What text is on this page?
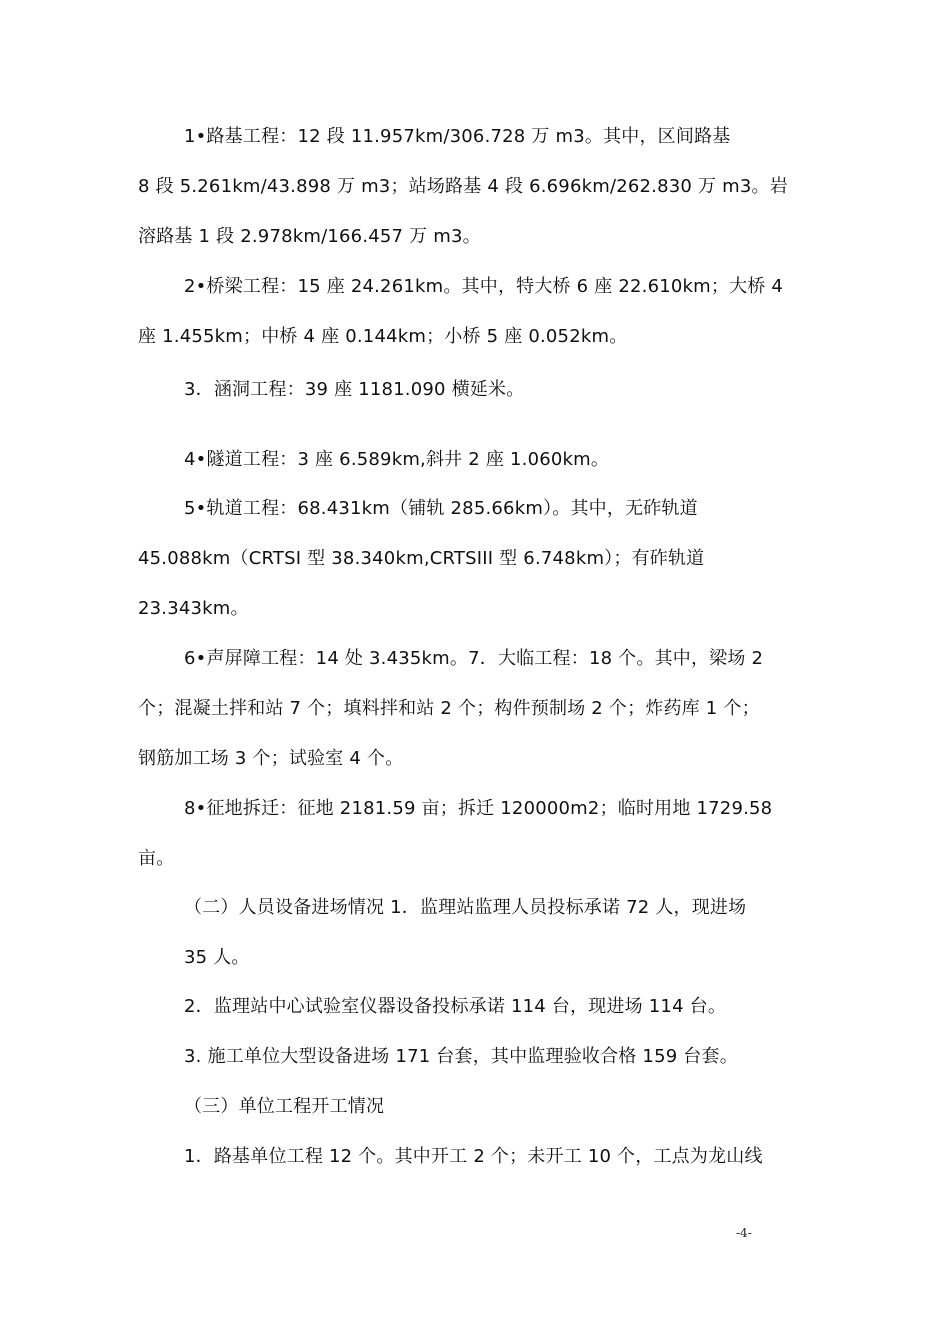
1•路基工程：12 段 11.957km/306.728 万 m3。其中，区间路基
8 段 5.261km/43.898 万 m3；站场路基 4 段 6.696km/262.830 万 m3。岩
溶路基 1 段 2.978km/166.457 万 m3。
2•桥梁工程：15 座 24.261km。其中，特大桥 6 座 22.610km；大桥 4
座 1.455km；中桥 4 座 0.144km；小桥 5 座 0.052km。
3．涵洞工程：39 座 1181.090 横延米。
4•隧道工程：3 座 6.589km,斜井 2 座 1.060km。
5•轨道工程：68.431km（铺轨 285.66km）。其中，无砟轨道
45.088km（CRTSI 型 38.340km,CRTSIII 型 6.748km）；有砟轨道
23.343km。
6•声屏障工程：14 处 3.435km。7．大临工程：18 个。其中，梁场 2
个；混凝土拌和站 7 个；填料拌和站 2 个；构件预制场 2 个；炸药库 1 个；
钢筋加工场 3 个；试验室 4 个。
8•征地拆迁：征地 2181.59 亩；拆迁 120000m2；临时用地 1729.58
亩。
（二）人员设备进场情况 1．监理站监理人员投标承诺 72 人，现进场
35 人。
2．监理站中心试验室仪器设备投标承诺 114 台，现进场 114 台。
3. 施工单位大型设备进场 171 台套，其中监理验收合格 159 台套。
（三）单位工程开工情况
1．路基单位工程 12 个。其中开工 2 个；未开工 10 个，工点为龙山线
-4-
